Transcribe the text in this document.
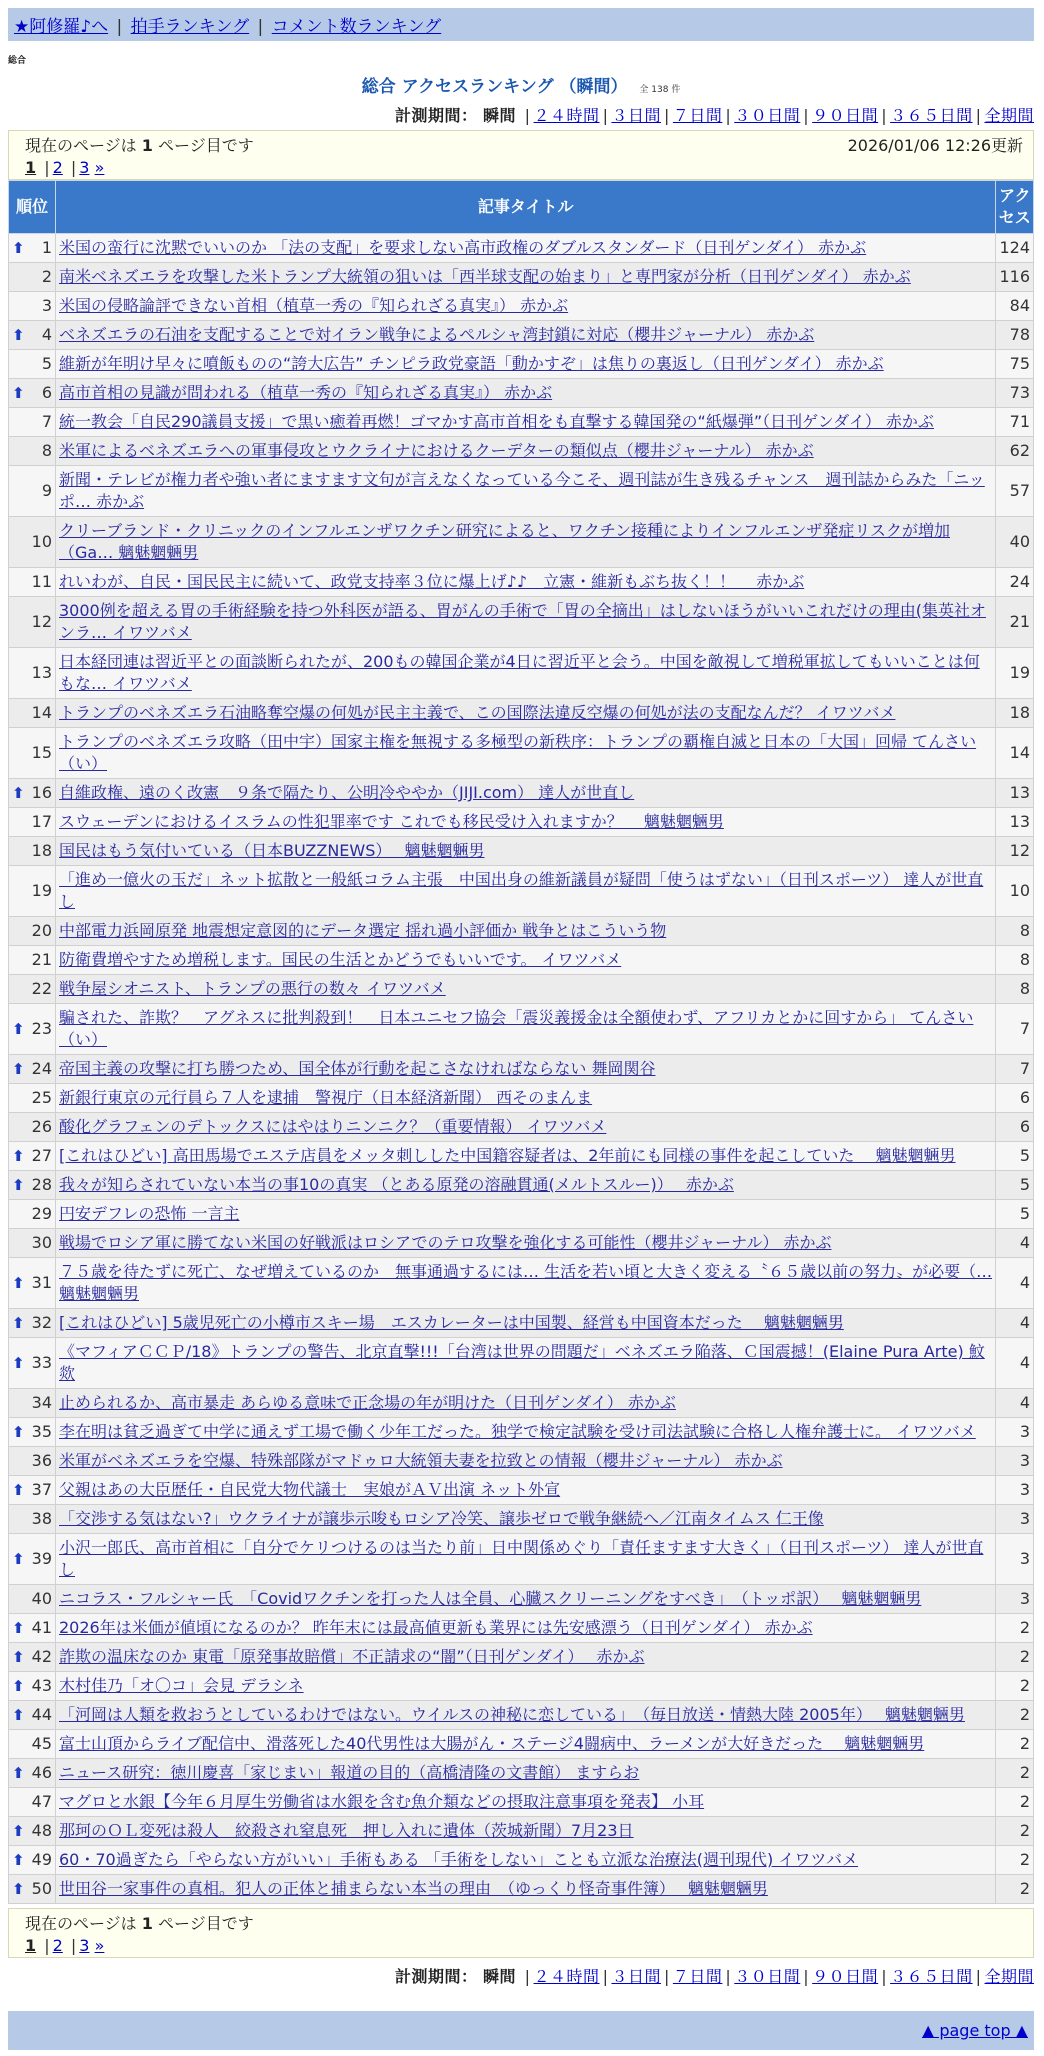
★阿修羅♪へ | 拍手ランキング | コメント数ランキング
総合
総合 アクセスランキング （瞬間） 全 138 件
計測期間： 瞬間 | ２４時間 | ３日間 | ７日間 | ３０日間 | ９０日間 | ３６５日間 | 全期間
現在のページは 1 ページ目です	2026/01/06 12:26更新
1 | 2 | 3 »
順位	記事タイトル	アクセス

⬆ 1	米国の蛮行に沈黙でいいのか 「法の支配」を要求しない高市政権のダブルスタンダード（日刊ゲンダイ） 赤かぶ	124
2	南米ベネズエラを攻撃した米トランプ大統領の狙いは「西半球支配の始まり」と専門家が分析（日刊ゲンダイ） 赤かぶ	116
3	米国の侵略論評できない首相（植草一秀の『知られざる真実』） 赤かぶ	84

⬆ 4	ベネズエラの石油を支配することで対イラン戦争によるペルシャ湾封鎖に対応（櫻井ジャーナル） 赤かぶ	78
5	維新が年明け早々に噴飯ものの“誇大広告” チンピラ政党豪語「動かすぞ」は焦りの裏返し（日刊ゲンダイ） 赤かぶ	75

⬆ 6	高市首相の見識が問われる（植草一秀の『知られざる真実』） 赤かぶ	73
7	統一教会「自民290議員支援」で黒い癒着再燃！ゴマかす高市首相をも直撃する韓国発の“紙爆弾”（日刊ゲンダイ） 赤かぶ	71
8	米軍によるベネズエラへの軍事侵攻とウクライナにおけるクーデターの類似点（櫻井ジャーナル） 赤かぶ	62
9	新聞・テレビが権力者や強い者にますます文句が言えなくなっている今こそ、週刊誌が生き残るチャンス　週刊誌からみた「ニッポ… 赤かぶ	57
10	クリーブランド・クリニックのインフルエンザワクチン研究によると、ワクチン接種によりインフルエンザ発症リスクが増加（Ga… 魑魅魍魎男	40
11	れいわが、自民・国民民主に続いて、政党支持率３位に爆上げ♪♪　立憲・維新もぶち抜く！！　 赤かぶ	24
12	3000例を超える胃の手術経験を持つ外科医が語る、胃がんの手術で「胃の全摘出」はしないほうがいいこれだけの理由(集英社オンラ… イワツバメ	21
13	日本経団連は習近平との面談断られたが、200もの韓国企業が4日に習近平と会う。中国を敵視して増税軍拡してもいいことは何もな… イワツバメ	19
14	トランプのベネズエラ石油略奪空爆の何処が民主主義で、この国際法違反空爆の何処が法の支配なんだ？ イワツバメ	18
15	トランプのベネズエラ攻略（田中宇）国家主権を無視する多極型の新秩序：トランプの覇権自滅と日本の「大国」回帰 てんさい（い）	14

⬆ 16	自維政権、遠のく改憲　９条で隔たり、公明冷ややか（JIJI.com） 達人が世直し	13
17	スウェーデンにおけるイスラムの性犯罪率です これでも移民受け入れますか？　 魑魅魍魎男	13
18	国民はもう気付いている（日本BUZZNEWS）　 魑魅魍魎男	12
19	「進め一億火の玉だ」ネット拡散と一般紙コラム主張　中国出身の維新議員が疑問「使うはずない」（日刊スポーツ） 達人が世直し	10
20	中部電力浜岡原発 地震想定意図的にデータ選定 揺れ過小評価か 戦争とはこういう物	8
21	防衛費増やすため増税します。国民の生活とかどうでもいいです。 イワツバメ	8
22	戦争屋シオニスト、トランプの悪行の数々 イワツバメ	8

⬆ 23	騙された、詐欺？　アグネスに批判殺到！　日本ユニセフ協会「震災義援金は全額使わず、アフリカとかに回すから」 てんさい（い）	7

⬆ 24	帝国主義の攻撃に打ち勝つため、国全体が行動を起こさなければならない 舞岡関谷	7
25	新銀行東京の元行員ら７人を逮捕　警視庁（日本経済新聞） 西そのまんま	6
26	酸化グラフェンのデトックスにはやはりニンニク？（重要情報） イワツバメ	6

⬆ 27	[これはひどい] 高田馬場でエステ店員をメッタ刺しした中国籍容疑者は、2年前にも同様の事件を起こしていた　 魑魅魍魎男	5

⬆ 28	我々が知らされていない本当の事10の真実 （とある原発の溶融貫通(メルトスルー)）　 赤かぶ	5
29	円安デフレの恐怖 一言主	5
30	戦場でロシア軍に勝てない米国の好戦派はロシアでのテロ攻撃を強化する可能性（櫻井ジャーナル） 赤かぶ	4

⬆ 31	７５歳を待たずに死亡、なぜ増えているのか　無事通過するには… 生活を若い頃と大きく変える〝６５歳以前の努力〟が必要（… 魑魅魍魎男	4

⬆ 32	[これはひどい] 5歳児死亡の小樽市スキー場　エスカレーターは中国製、経営も中国資本だった　 魑魅魍魎男	4

⬆ 33	《マフィアＣＣＰ/18》トランプの警告、北京直撃!!!「台湾は世界の問題だ」ベネズエラ陥落、Ｃ国震撼！(Elaine Pura Arte) 魰欻	4
34	止められるか、高市暴走 あらゆる意味で正念場の年が明けた（日刊ゲンダイ） 赤かぶ	4

⬆ 35	李在明は貧乏過ぎて中学に通えず工場で働く少年工だった。独学で検定試験を受け司法試験に合格し人権弁護士に。 イワツバメ	3
36	米軍がベネズエラを空爆、特殊部隊がマドゥロ大統領夫妻を拉致との情報（櫻井ジャーナル） 赤かぶ	3

⬆ 37	父親はあの大臣歴任・自民党大物代議士　実娘がＡＶ出演 ネット外宣	3
38	「交渉する気はない?」ウクライナが譲歩示唆もロシア冷笑、譲歩ゼロで戦争継続へ／江南タイムス 仁王像	3

⬆ 39	小沢一郎氏、高市首相に「自分でケリつけるのは当たり前」日中関係めぐり「責任ますます大きく」（日刊スポーツ） 達人が世直し	3
40	ニコラス・フルシャー氏　「Covidワクチンを打った人は全員、心臓スクリーニングをすべき」　（トッポ訳）　 魑魅魍魎男	3

⬆ 41	2026年は米価が値頃になるのか？ 昨年末には最高値更新も業界には先安感漂う（日刊ゲンダイ） 赤かぶ	2

⬆ 42	詐欺の温床なのか 東電「原発事故賠償」不正請求の“闇”（日刊ゲンダイ）　 赤かぶ	2

⬆ 43	木村佳乃「オ〇コ」会見 デラシネ	2

⬆ 44	「河岡は人類を救おうとしているわけではない。ウイルスの神秘に恋している」　（毎日放送・情熱大陸 2005年）　 魑魅魍魎男	2
45	富士山頂からライブ配信中、滑落死した40代男性は大腸がん・ステージ4闘病中、ラーメンが大好きだった　 魑魅魍魎男	2

⬆ 46	ニュース研究：徳川慶喜「家じまい」報道の目的（高橋清隆の文書館） ますらお	2
47	マグロと水銀【今年６月厚生労働省は水銀を含む魚介類などの摂取注意事項を発表】 小耳	2

⬆ 48	那珂のＯＬ変死は殺人　絞殺され窒息死　押し入れに遺体（茨城新聞）7月23日	2

⬆ 49	60・70過ぎたら「やらない方がいい」手術もある 「手術をしない」ことも立派な治療法(週刊現代) イワツバメ	2

⬆ 50	世田谷一家事件の真相。犯人の正体と捕まらない本当の理由　（ゆっくり怪奇事件簿）　 魑魅魍魎男	2
現在のページは 1 ページ目です
1 | 2 | 3 »
計測期間： 瞬間 | ２４時間 | ３日間 | ７日間 | ３０日間 | ９０日間 | ３６５日間 | 全期間
▲ page top ▲
